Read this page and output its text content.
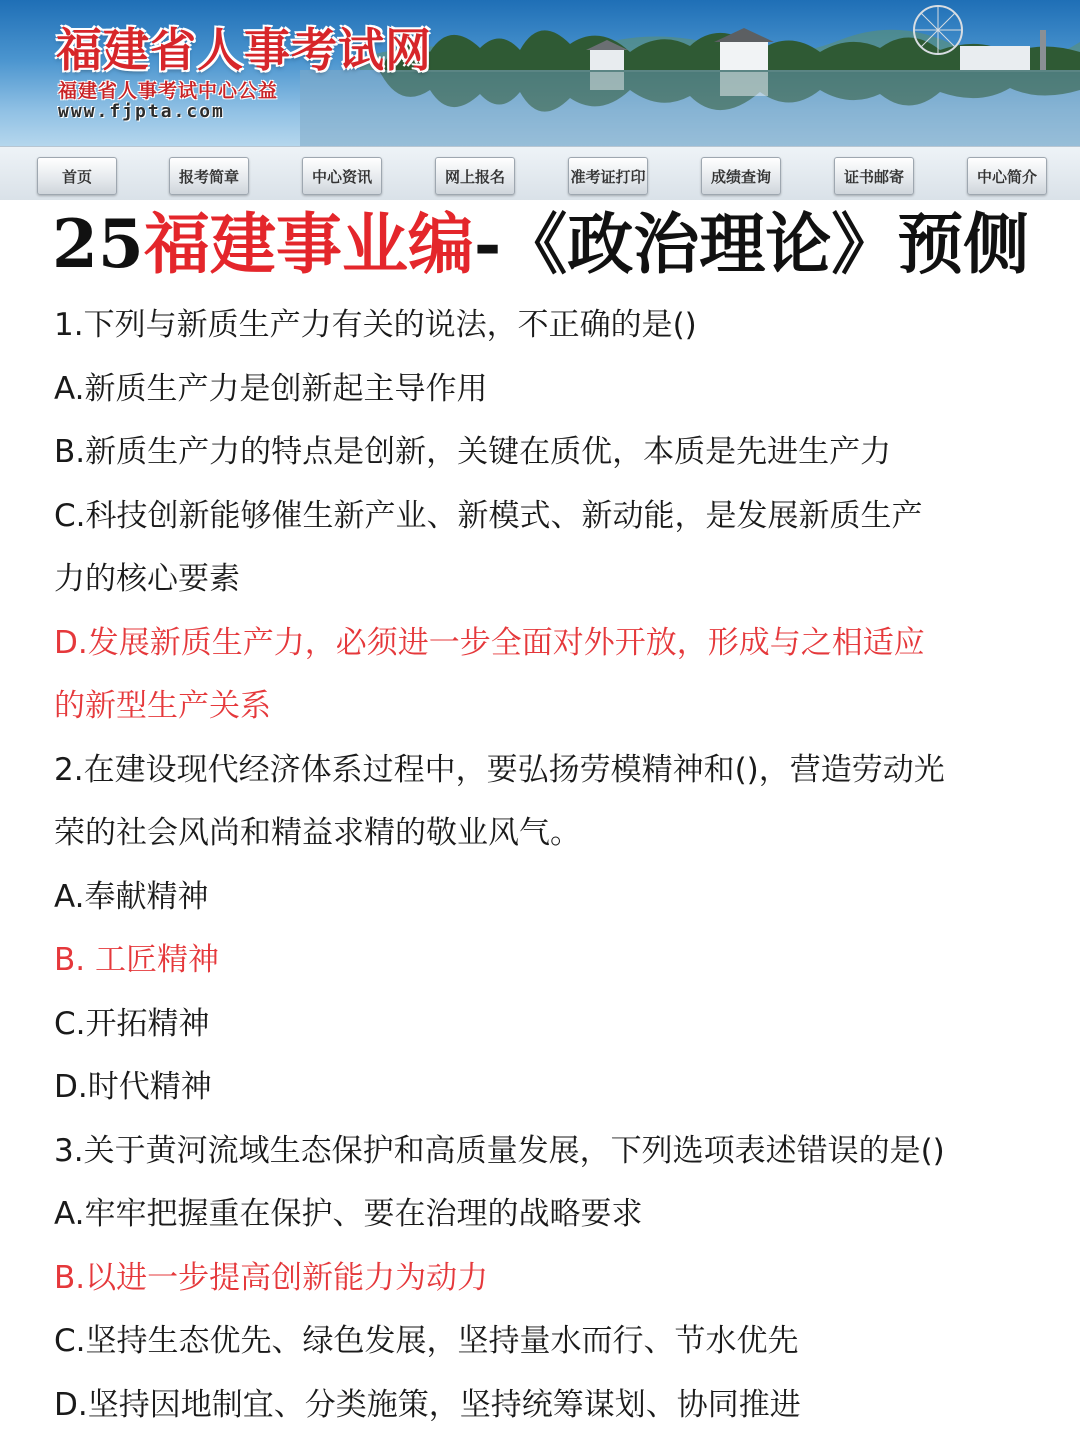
福建省人事考试网
福建省人事考试中心公益
www.fjpta.com
首页	报考简章	中心资讯	网上报名	准考证打印	成绩查询	证书邮寄	中心简介
25福建事业编-《政治理论》预侧
1.下列与新质生产力有关的说法，不正确的是()
A.新质生产力是创新起主导作用
B.新质生产力的特点是创新，关键在质优，本质是先进生产力
C.科技创新能够催生新产业、新模式、新动能，是发展新质生产
力的核心要素
D.发展新质生产力，必须进一步全面对外开放，形成与之相适应
的新型生产关系
2.在建设现代经济体系过程中，要弘扬劳模精神和()，营造劳动光
荣的社会风尚和精益求精的敬业风气。
A.奉献精神
B. 工匠精神
C.开拓精神
D.时代精神
3.关于黄河流域生态保护和高质量发展，下列选项表述错误的是()
A.牢牢把握重在保护、要在治理的战略要求
B.以进一步提高创新能力为动力
C.坚持生态优先、绿色发展，坚持量水而行、节水优先
D.坚持因地制宜、分类施策，坚持统筹谋划、协同推进
